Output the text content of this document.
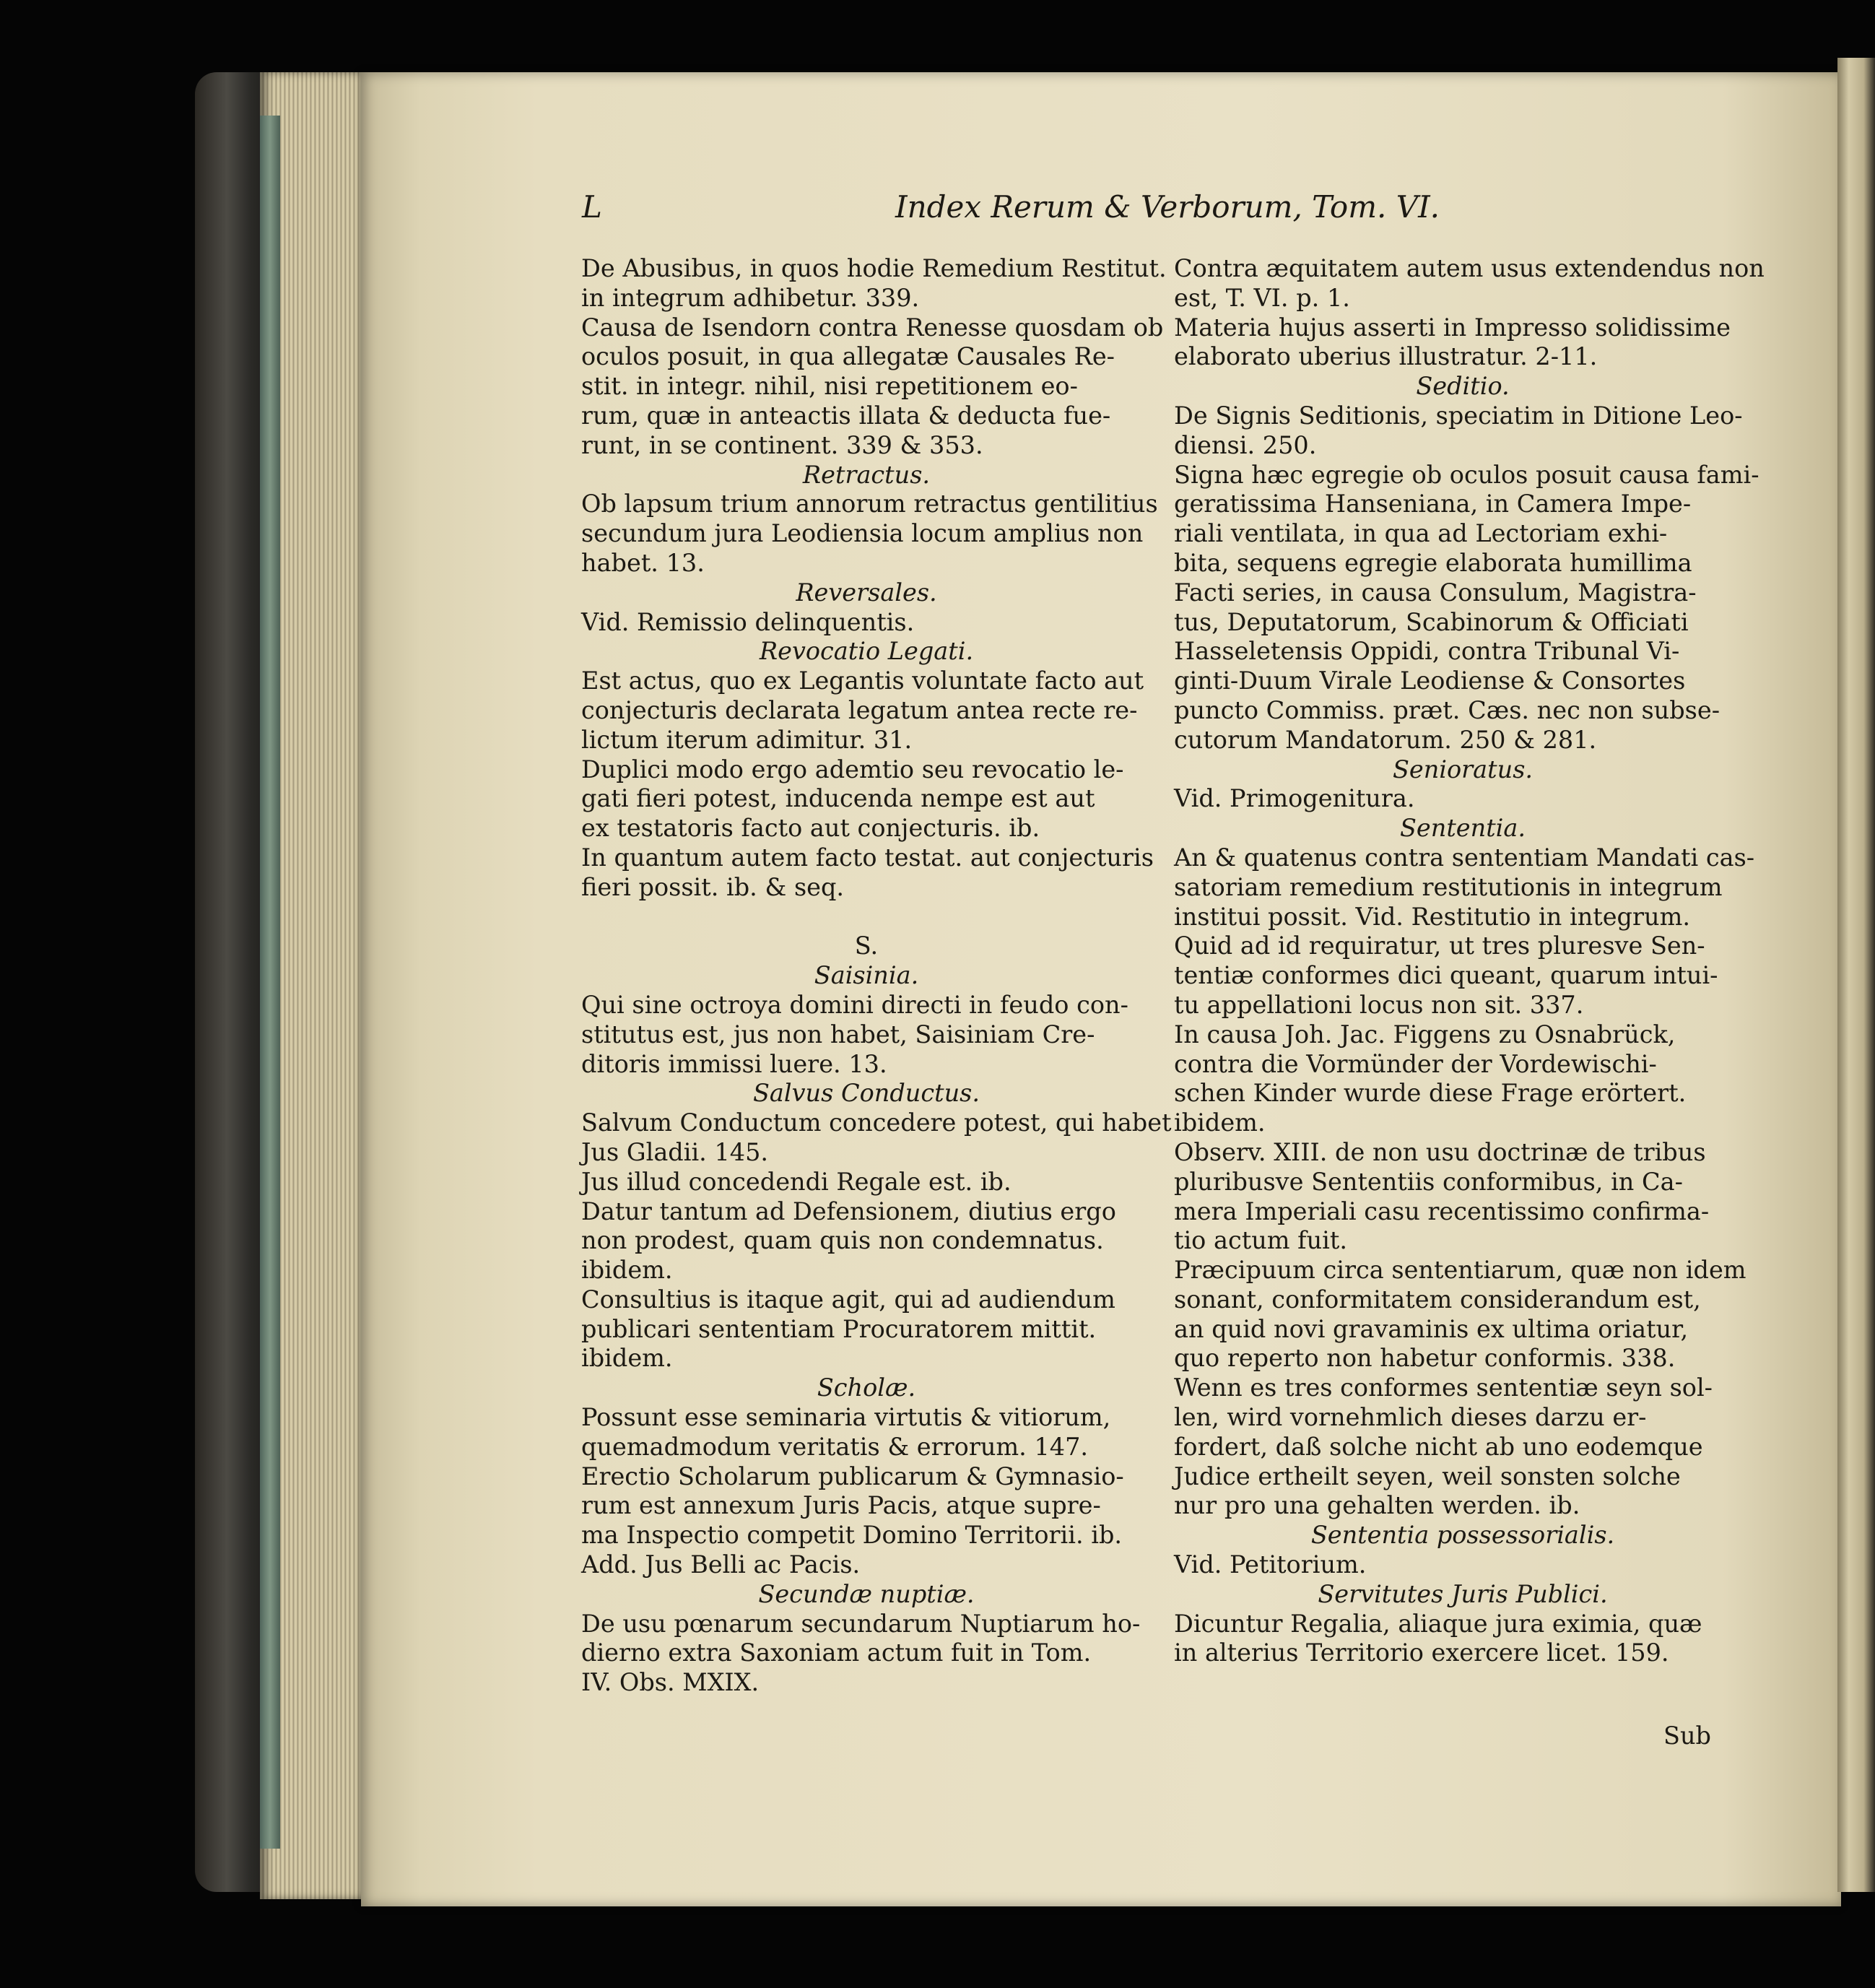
L	Index Rerum & Verborum, Tom. VI.
De Abusibus, in quos hodie Remedium Restitut.
in integrum adhibetur. 339.
Causa de Isendorn contra Renesse quosdam ob
oculos posuit, in qua allegatæ Causales Re-
stit. in integr. nihil, nisi repetitionem eo-
rum, quæ in anteactis illata & deducta fue-
runt, in se continent. 339 & 353.
Retractus.
Ob lapsum trium annorum retractus gentilitius
secundum jura Leodiensia locum amplius non
habet. 13.
Reversales.
Vid. Remissio delinquentis.
Revocatio Legati.
Est actus, quo ex Legantis voluntate facto aut
conjecturis declarata legatum antea recte re-
lictum iterum adimitur. 31.
Duplici modo ergo ademtio seu revocatio le-
gati fieri potest, inducenda nempe est aut
ex testatoris facto aut conjecturis. ib.
In quantum autem facto testat. aut conjecturis
fieri possit. ib. & seq.
S.
Saisinia.
Qui sine octroya domini directi in feudo con-
stitutus est, jus non habet, Saisiniam Cre-
ditoris immissi luere. 13.
Salvus Conductus.
Salvum Conductum concedere potest, qui habet
Jus Gladii. 145.
Jus illud concedendi Regale est. ib.
Datur tantum ad Defensionem, diutius ergo
non prodest, quam quis non condemnatus.
ibidem.
Consultius is itaque agit, qui ad audiendum
publicari sententiam Procuratorem mittit.
ibidem.
Scholæ.
Possunt esse seminaria virtutis & vitiorum,
quemadmodum veritatis & errorum. 147.
Erectio Scholarum publicarum & Gymnasio-
rum est annexum Juris Pacis, atque supre-
ma Inspectio competit Domino Territorii. ib.
Add. Jus Belli ac Pacis.
Secundæ nuptiæ.
De usu pœnarum secundarum Nuptiarum ho-
dierno extra Saxoniam actum fuit in Tom.
IV. Obs. MXIX.
Contra æquitatem autem usus extendendus non
est, T. VI. p. 1.
Materia hujus asserti in Impresso solidissime
elaborato uberius illustratur. 2-11.
Seditio.
De Signis Seditionis, speciatim in Ditione Leo-
diensi. 250.
Signa hæc egregie ob oculos posuit causa fami-
geratissima Hanseniana, in Camera Impe-
riali ventilata, in qua ad Lectoriam exhi-
bita, sequens egregie elaborata humillima
Facti series, in causa Consulum, Magistra-
tus, Deputatorum, Scabinorum & Officiati
Hasseletensis Oppidi, contra Tribunal Vi-
ginti-Duum Virale Leodiense & Consortes
puncto Commiss. præt. Cæs. nec non subse-
cutorum Mandatorum. 250 & 281.
Senioratus.
Vid. Primogenitura.
Sententia.
An & quatenus contra sententiam Mandati cas-
satoriam remedium restitutionis in integrum
institui possit. Vid. Restitutio in integrum.
Quid ad id requiratur, ut tres pluresve Sen-
tentiæ conformes dici queant, quarum intui-
tu appellationi locus non sit. 337.
In causa Joh. Jac. Figgens zu Osnabrück,
contra die Vormünder der Vordewischi-
schen Kinder wurde diese Frage erörtert.
ibidem.
Observ. XIII. de non usu doctrinæ de tribus
pluribusve Sententiis conformibus, in Ca-
mera Imperiali casu recentissimo confirma-
tio actum fuit.
Præcipuum circa sententiarum, quæ non idem
sonant, conformitatem considerandum est,
an quid novi gravaminis ex ultima oriatur,
quo reperto non habetur conformis. 338.
Wenn es tres conformes sententiæ seyn sol-
len, wird vornehmlich dieses darzu er-
fordert, daß solche nicht ab uno eodemque
Judice ertheilt seyen, weil sonsten solche
nur pro una gehalten werden. ib.
Sententia possessorialis.
Vid. Petitorium.
Servitutes Juris Publici.
Dicuntur Regalia, aliaque jura eximia, quæ
in alterius Territorio exercere licet. 159.
Sub
